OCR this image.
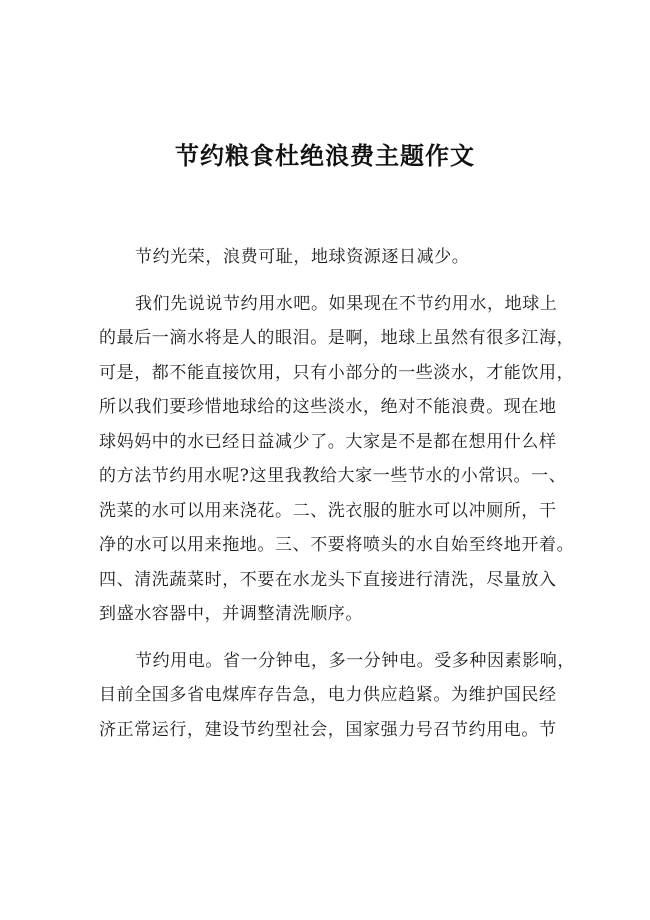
节约粮食杜绝浪费主题作文
节约光荣，浪费可耻，地球资源逐日减少。
我们先说说节约用水吧。如果现在不节约用水，地球上
的最后一滴水将是人的眼泪。是啊，地球上虽然有很多江海，
可是，都不能直接饮用，只有小部分的一些淡水，才能饮用，
所以我们要珍惜地球给的这些淡水，绝对不能浪费。现在地
球妈妈中的水已经日益减少了。大家是不是都在想用什么样
的方法节约用水呢?这里我教给大家一些节水的小常识。一、
洗菜的水可以用来浇花。二、洗衣服的脏水可以冲厕所，干
净的水可以用来拖地。三、不要将喷头的水自始至终地开着。
四、清洗蔬菜时，不要在水龙头下直接进行清洗，尽量放入
到盛水容器中，并调整清洗顺序。
节约用电。省一分钟电，多一分钟电。受多种因素影响，
目前全国多省电煤库存告急，电力供应趋紧。为维护国民经
济正常运行，建设节约型社会，国家强力号召节约用电。节
